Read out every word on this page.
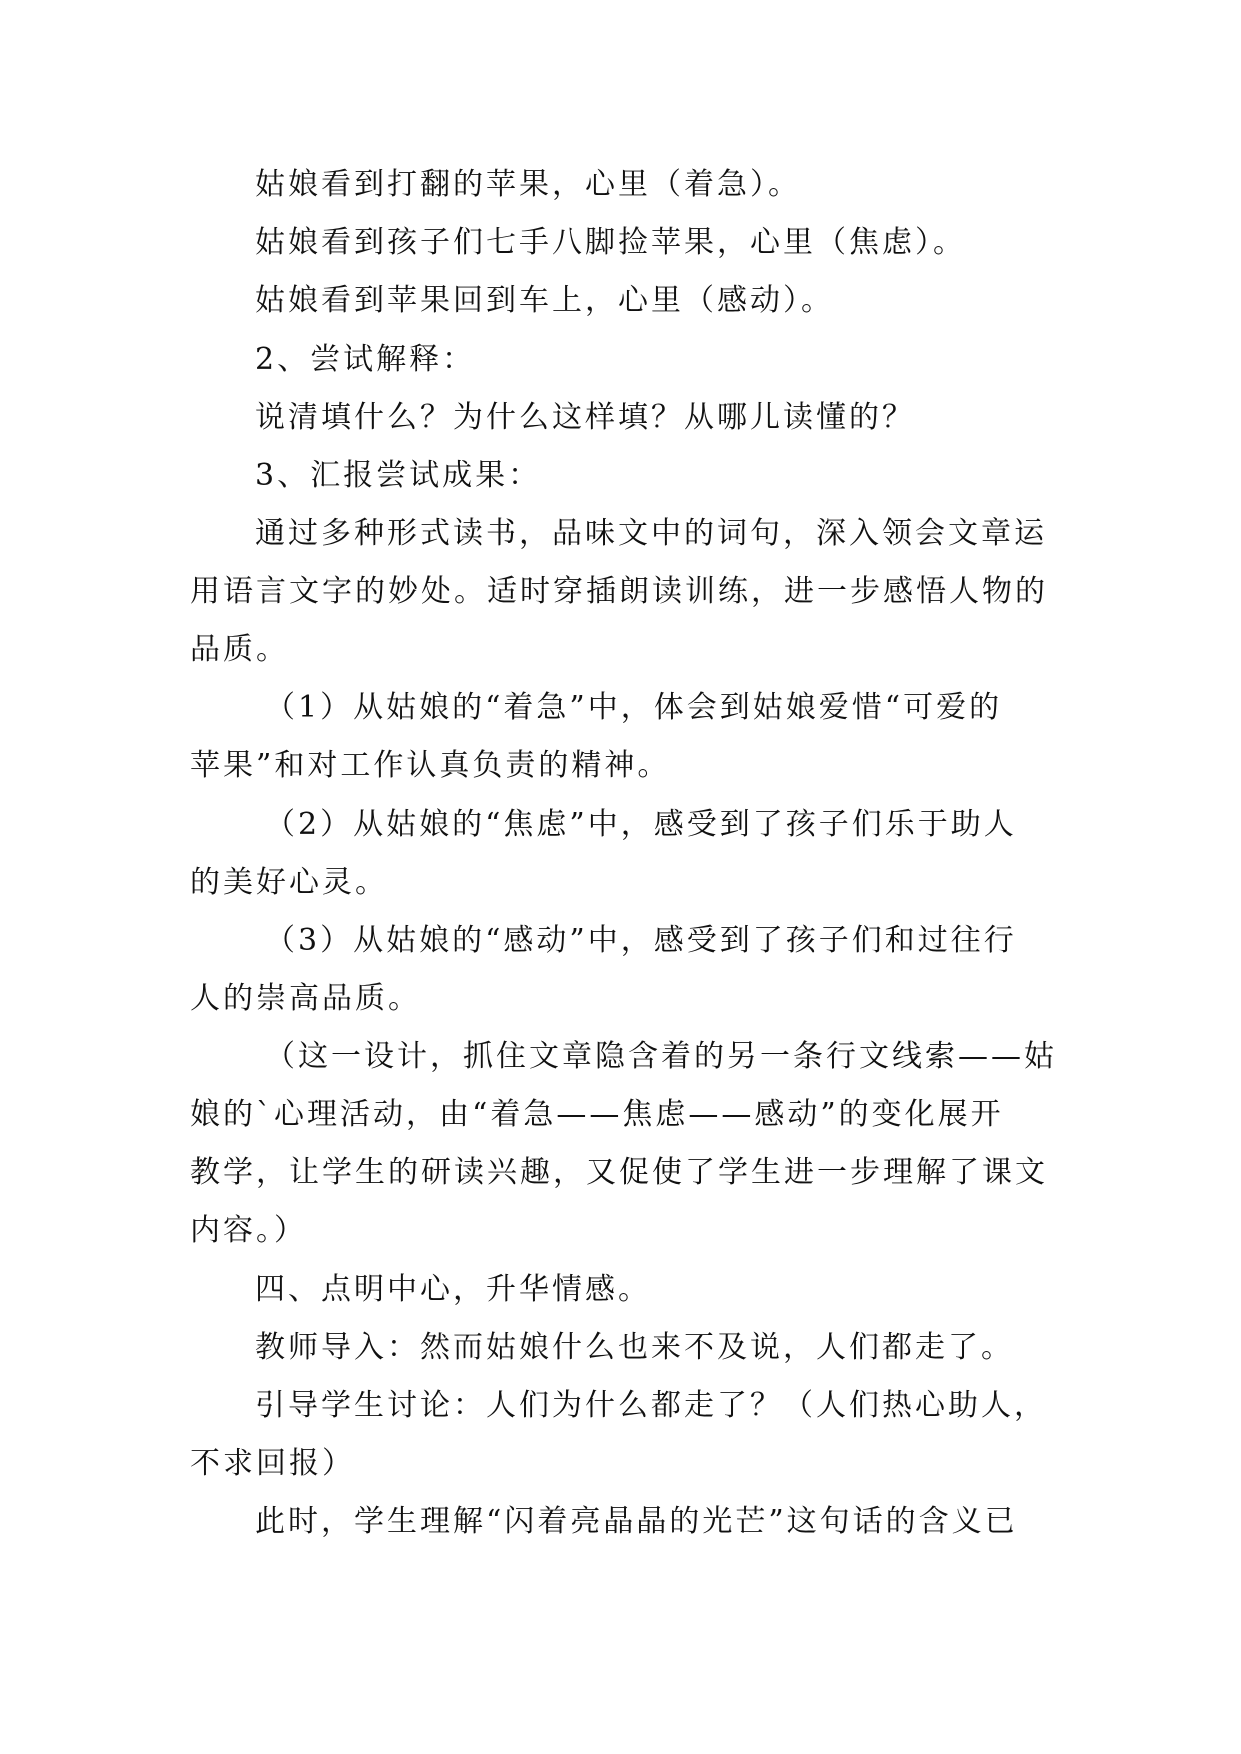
姑娘看到打翻的苹果，心里（着急）。
姑娘看到孩子们七手八脚捡苹果，心里（焦虑）。
姑娘看到苹果回到车上，心里（感动）。
2、尝试解释：
说清填什么？为什么这样填？从哪儿读懂的？
3、汇报尝试成果：
通过多种形式读书，品味文中的词句，深入领会文章运
用语言文字的妙处。适时穿插朗读训练，进一步感悟人物的
品质。
（1）从姑娘的“着急”中，体会到姑娘爱惜“可爱的
苹果”和对工作认真负责的精神。
（2）从姑娘的“焦虑”中，感受到了孩子们乐于助人
的美好心灵。
（3）从姑娘的“感动”中，感受到了孩子们和过往行
人的崇高品质。
（这一设计，抓住文章隐含着的另一条行文线索——姑
娘的`心理活动，由“着急——焦虑——感动”的变化展开
教学，让学生的研读兴趣，又促使了学生进一步理解了课文
内容。）
四、点明中心，升华情感。
教师导入：然而姑娘什么也来不及说，人们都走了。
引导学生讨论：人们为什么都走了？（人们热心助人，
不求回报）
此时，学生理解“闪着亮晶晶的光芒”这句话的含义已
